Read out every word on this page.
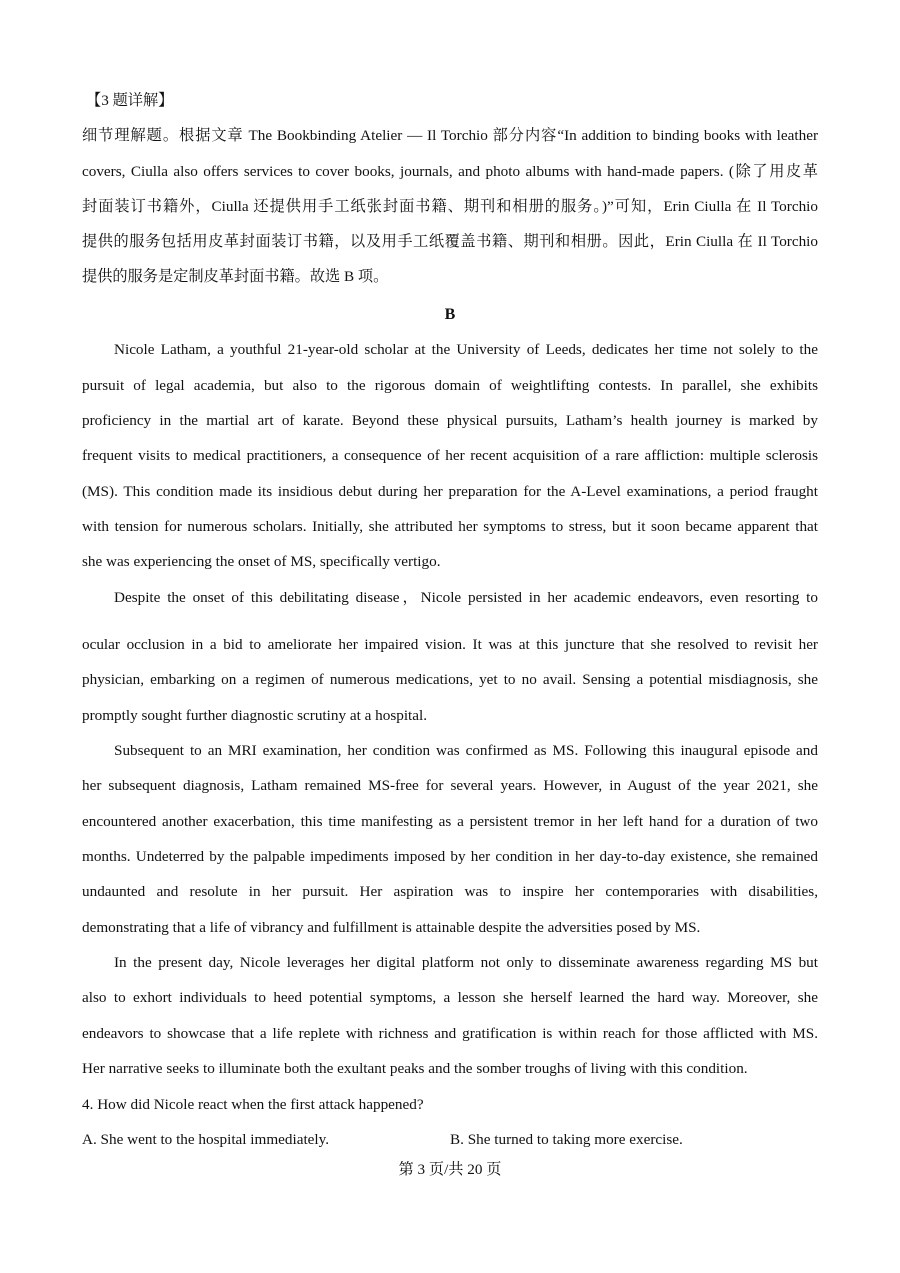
【3 题详解】
细节理解题。根据文章 The Bookbinding Atelier — Il Torchio 部分内容“In addition to binding books with leather
covers, Ciulla also offers services to cover books, journals, and photo albums with hand-made papers. (除了用皮革
封面装订书籍外，Ciulla 还提供用手工纸张封面书籍、期刊和相册的服务。)”可知，Erin Ciulla 在 Il Torchio
提供的服务包括用皮革封面装订书籍，以及用手工纸覆盖书籍、期刊和相册。因此，Erin Ciulla 在 Il Torchio
提供的服务是定制皮革封面书籍。故选 B 项。
B
Nicole Latham, a youthful 21-year-old scholar at the University of Leeds, dedicates her time not solely to the
pursuit of legal academia, but also to the rigorous domain of weightlifting contests. In parallel, she exhibits
proficiency in the martial art of karate. Beyond these physical pursuits, Latham’s health journey is marked by
frequent visits to medical practitioners, a consequence of her recent acquisition of a rare affliction: multiple sclerosis
(MS). This condition made its insidious debut during her preparation for the A-Level examinations, a period fraught
with tension for numerous scholars. Initially, she attributed her symptoms to stress, but it soon became apparent that
she was experiencing the onset of MS, specifically vertigo.
Despite the onset of this debilitating disease，Nicole persisted in her academic endeavors, even resorting to
ocular occlusion in a bid to ameliorate her impaired vision. It was at this juncture that she resolved to revisit her
physician, embarking on a regimen of numerous medications, yet to no avail. Sensing a potential misdiagnosis, she
promptly sought further diagnostic scrutiny at a hospital.
Subsequent to an MRI examination, her condition was confirmed as MS. Following this inaugural episode and
her subsequent diagnosis, Latham remained MS-free for several years. However, in August of the year 2021, she
encountered another exacerbation, this time manifesting as a persistent tremor in her left hand for a duration of two
months. Undeterred by the palpable impediments imposed by her condition in her day-to-day existence, she remained
undaunted and resolute in her pursuit. Her aspiration was to inspire her contemporaries with disabilities,
demonstrating that a life of vibrancy and fulfillment is attainable despite the adversities posed by MS.
In the present day, Nicole leverages her digital platform not only to disseminate awareness regarding MS but
also to exhort individuals to heed potential symptoms, a lesson she herself learned the hard way. Moreover, she
endeavors to showcase that a life replete with richness and gratification is within reach for those afflicted with MS.
Her narrative seeks to illuminate both the exultant peaks and the somber troughs of living with this condition.
4. How did Nicole react when the first attack happened?
A. She went to the hospital immediately.	B. She turned to taking more exercise.
第 3 页/共 20 页
